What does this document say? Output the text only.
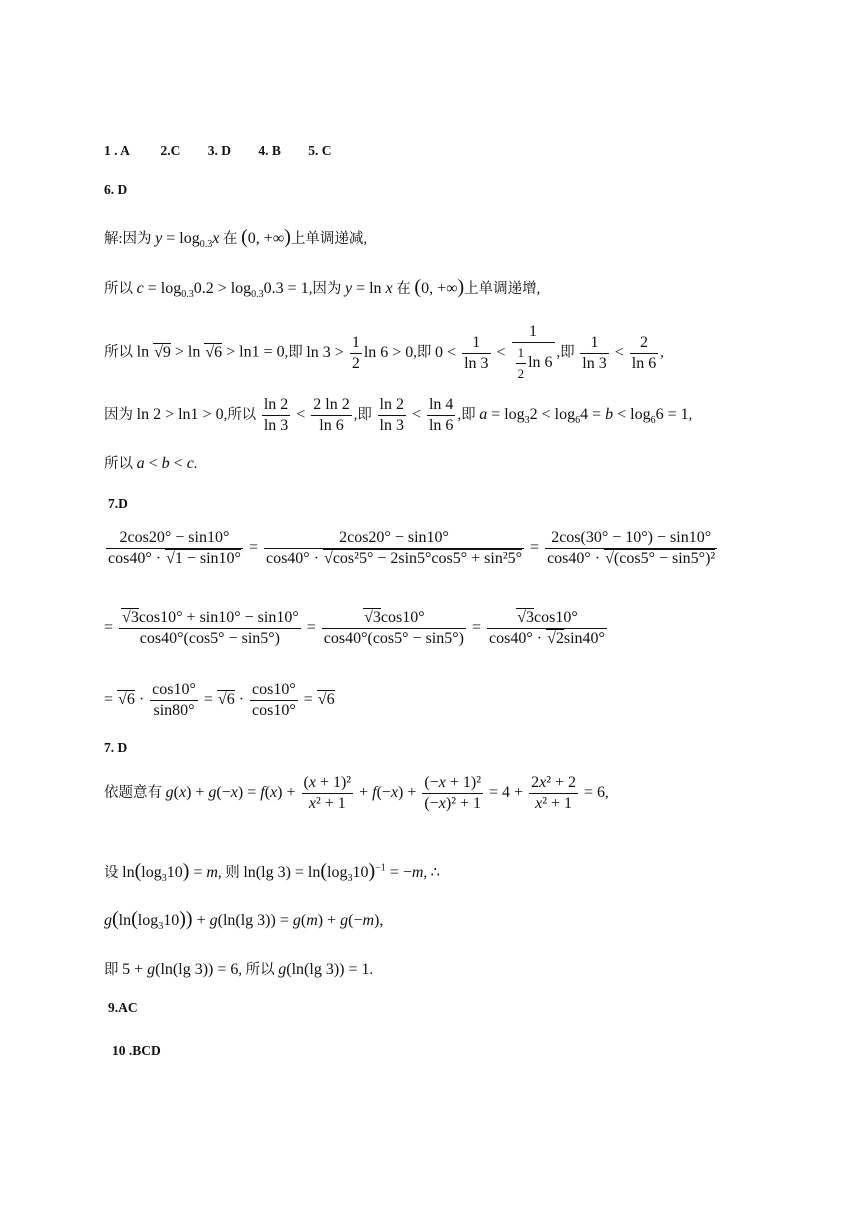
1 . A 2.C 3. D 4. B 5. C
6. D
解:因为 $y = \log_{0.3}x$ 在 (0, +∞)上单调递减,
所以 $c = \log_{0.3}0.2 > \log_{0.3}0.3 = 1$,因为 y = ln x 在 (0, +∞)上单调递增,
所以 ln √9 > ln √6 > ln1 = 0,即 $\ln 3 > \frac{1}{2}$ ln 6 > 0,即 $0 < \frac{1}{\ln 3} < \frac{1}{\frac{1}{2} \ln 6}$ ,即 $\frac{1}{\ln 3} < \frac{2}{\ln 6}$ ,
因为 ln 2 > ln1 > 0,所以 $\frac{\ln 2}{\ln 3} < \frac{2 \ln 2}{\ln 6}$ ,即 $\frac{\ln 2}{\ln 3} < \frac{\ln 4}{\ln 6}$ ,即 $a = \log_32 < \log_64 = b < \log_66 = 1$,
所以 a < b < c.
7.D
$\frac{2\cos 20^\circ - \sin 10^\circ}{\cos 40^\circ \cdot √1 - \sin 10^\circ} = \frac{2\cos 20^\circ - \sin 10^\circ}{\text{cos40° · √cos²5° − 2sin5°cos5° + sin²5°}} = \frac{2\cos(30^\circ - 10^\circ) - \sin 10^\circ}{\text{cos40° · √(cos5° − sin5°)²}}$
= $\frac{√3\cos 10^\circ + \sin 10^\circ - \sin 10^\circ}{\cos 40^\circ(\cos 5^\circ - \sin 5^\circ)} = \frac{√3\cos 10^\circ}{\cos 40^\circ(\cos 5^\circ - \sin 5^\circ)} = \frac{√3\cos 10^\circ}{\cos 40^\circ \cdot √2\sin 40^\circ}$
= $√6 \cdot \frac{\cos 10^\circ}{\sin 80^\circ} = √6 \cdot \frac{\cos 10^\circ}{\cos 10^\circ} = √6$
7. D
依题意有 $g(x) + g(-x) = f(x) + \frac{\text{(x + 1)²}}{\text{x² + 1}} + f(-x) + \frac{\text{(−x + 1)²}}{\text{(−x)² + 1}} = 4 + \frac{\text{2x² + 2}}{\text{x² + 1}} = 6$,
设 $\ln(\log_310) = m$, 则 ln(lg $3) = \ln(\log_310)^{-1} = -m$, ∴
$g(\ln(\log_310)) + g(\ln(\lg$ 3)) = g(m) + g(−m),
即 5 + g(ln(lg 3)) = 6, 所以 g(ln(lg 3)) = 1.
9.AC
10 .BCD
